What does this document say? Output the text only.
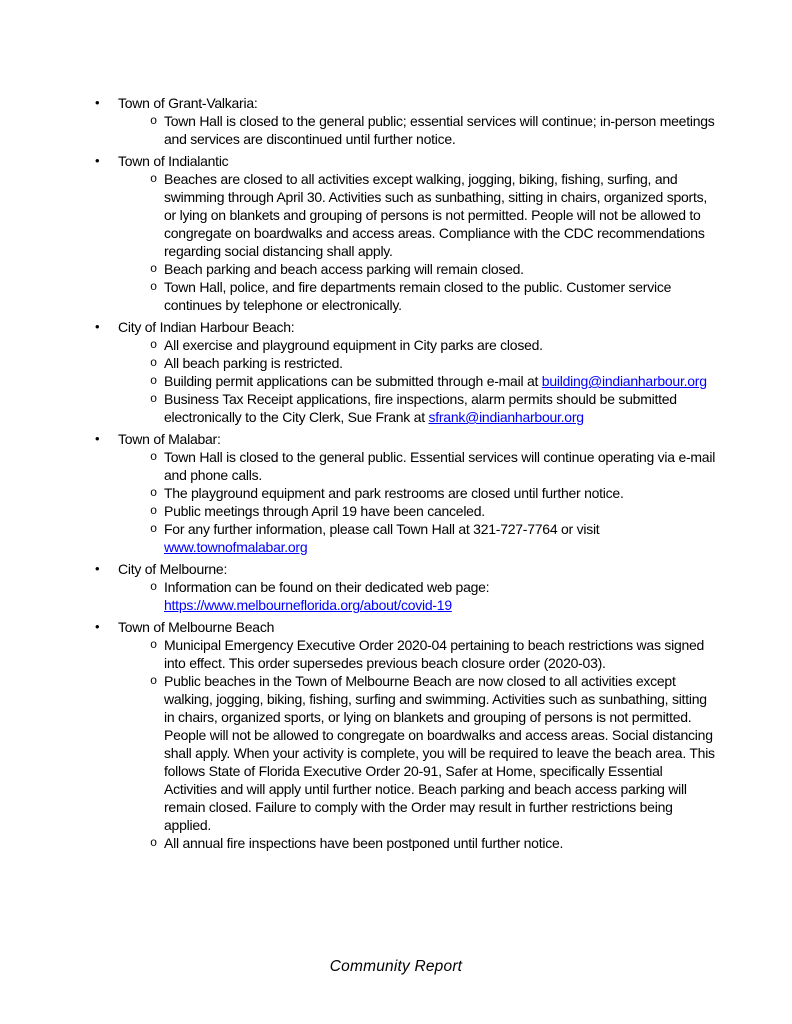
•	Town of Grant-Valkaria:
o Town Hall is closed to the general public; essential services will continue; in-person meetings and services are discontinued until further notice.
•	Town of Indialantic
o Beaches are closed to all activities except walking, jogging, biking, fishing, surfing, and swimming through April 30. Activities such as sunbathing, sitting in chairs, organized sports, or lying on blankets and grouping of persons is not permitted. People will not be allowed to congregate on boardwalks and access areas. Compliance with the CDC recommendations regarding social distancing shall apply.
o Beach parking and beach access parking will remain closed.
o Town Hall, police, and fire departments remain closed to the public. Customer service continues by telephone or electronically.
•	City of Indian Harbour Beach:
o All exercise and playground equipment in City parks are closed.
o All beach parking is restricted.
o Building permit applications can be submitted through e-mail at building@indianharbour.org
o Business Tax Receipt applications, fire inspections, alarm permits should be submitted electronically to the City Clerk, Sue Frank at sfrank@indianharbour.org
•	Town of Malabar:
o Town Hall is closed to the general public. Essential services will continue operating via e-mail and phone calls.
o The playground equipment and park restrooms are closed until further notice.
o Public meetings through April 19 have been canceled.
o For any further information, please call Town Hall at 321-727-7764 or visit www.townofmalabar.org
•	City of Melbourne:
o Information can be found on their dedicated web page: https://www.melbourneflorida.org/about/covid-19
•	Town of Melbourne Beach
o Municipal Emergency Executive Order 2020-04 pertaining to beach restrictions was signed into effect. This order supersedes previous beach closure order (2020-03).
o Public beaches in the Town of Melbourne Beach are now closed to all activities except walking, jogging, biking, fishing, surfing and swimming. Activities such as sunbathing, sitting in chairs, organized sports, or lying on blankets and grouping of persons is not permitted. People will not be allowed to congregate on boardwalks and access areas. Social distancing shall apply. When your activity is complete, you will be required to leave the beach area. This follows State of Florida Executive Order 20-91, Safer at Home, specifically Essential Activities and will apply until further notice. Beach parking and beach access parking will remain closed. Failure to comply with the Order may result in further restrictions being applied.
o All annual fire inspections have been postponed until further notice.
Community Report
